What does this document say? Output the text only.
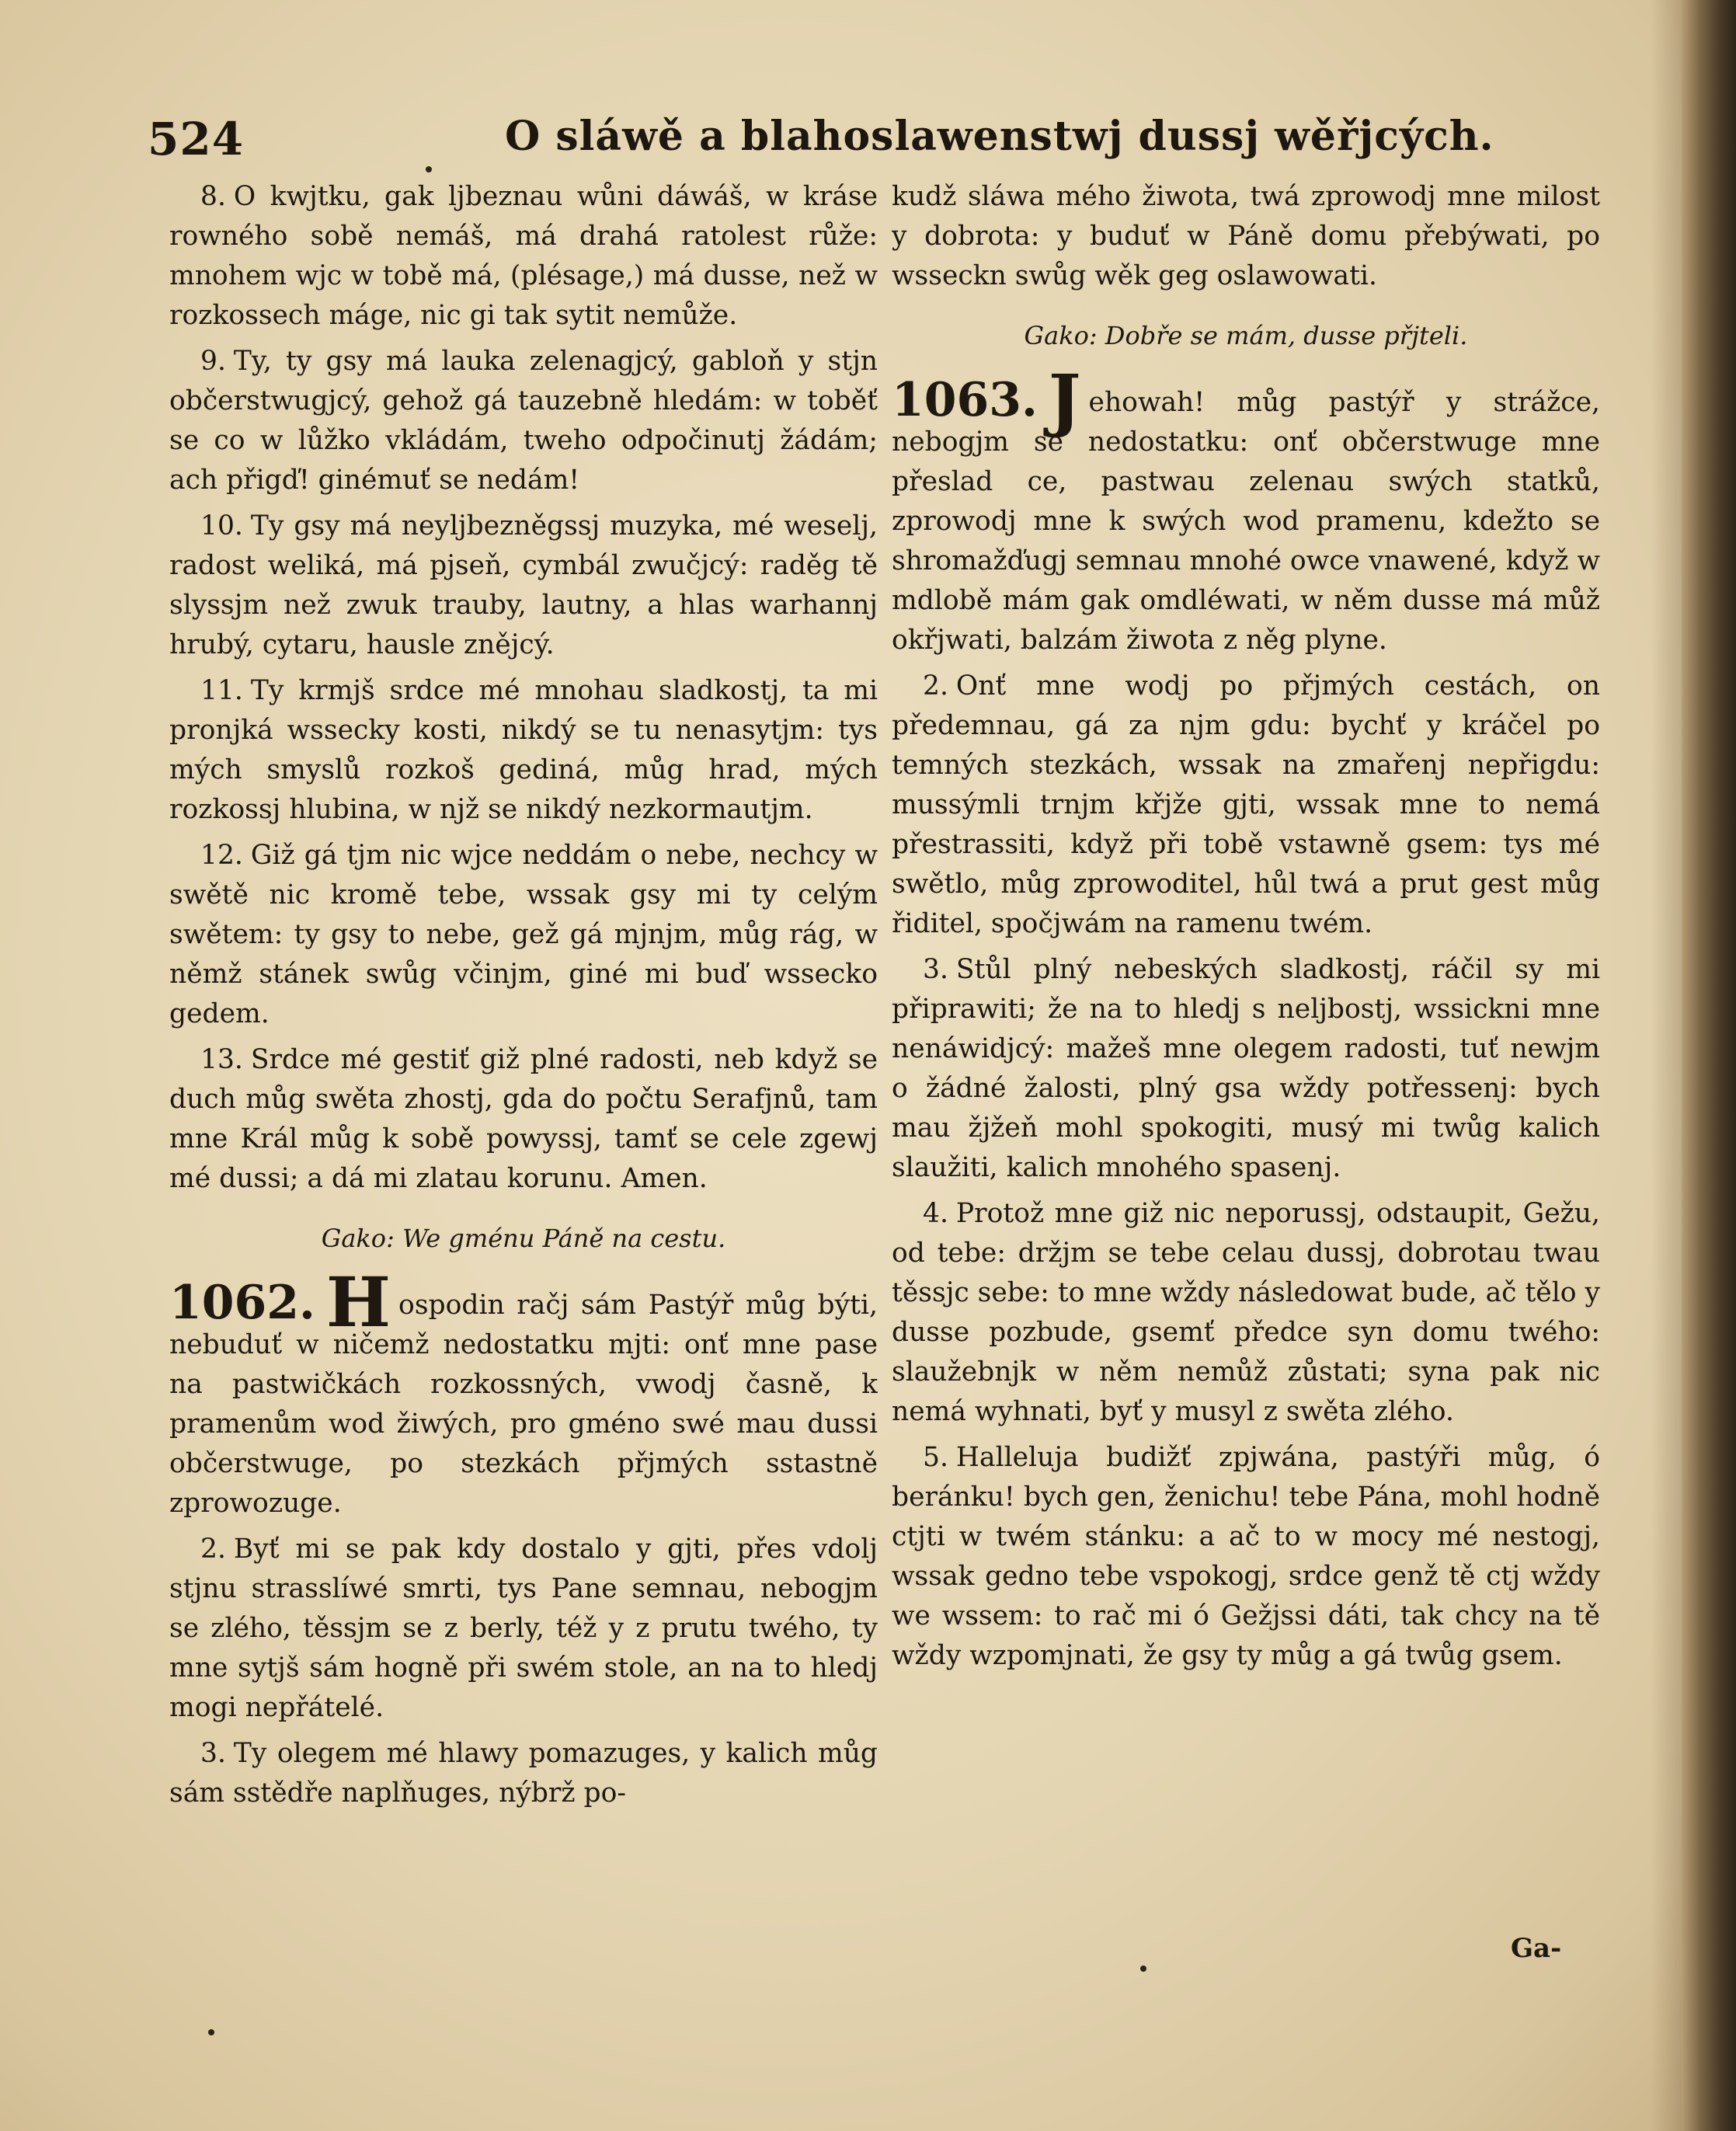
524	O sláwě a blahoslawenstwj dussj wěřjcých.

8. O kwjtku, gak ljbeznau wůni dáwáš, w kráse rowného sobě nemáš, má drahá ratolest růže: mnohem wjc w tobě má, (plésage,) má dusse, než w rozkossech máge, nic gi tak sytit nemůže.

9. Ty, ty gsy má lauka zelenagjcý, gabloň y stjn občerstwugjcý, gehož gá tauzebně hledám: w toběť se co w lůžko vkládám, tweho odpočinutj žádám; ach přigď! ginémuť se nedám!

10. Ty gsy má neyljbezněgssj muzyka, mé weselj, radost weliká, má pjseň, cymbál zwučjcý: raděg tě slyssjm než zwuk trauby, lautny, a hlas warhannj hrubý, cytaru, hausle znějcý.

11. Ty krmjš srdce mé mnohau sladkostj, ta mi pronjká wssecky kosti, nikdý se tu nenasytjm: tys mých smyslů rozkoš gediná, můg hrad, mých rozkossj hlubina, w njž se nikdý nezkormautjm.

12. Giž gá tjm nic wjce neddám o nebe, nechcy w swětě nic kromě tebe, wssak gsy mi ty celým swětem: ty gsy to nebe, gež gá mjnjm, můg rág, w němž stánek swůg včinjm, giné mi buď wssecko gedem.

13. Srdce mé gestiť giž plné radosti, neb když se duch můg swěta zhostj, gda do počtu Serafjnů, tam mne Král můg k sobě powyssj, tamť se cele zgewj mé dussi; a dá mi zlatau korunu. Amen.

Gako: We gménu Páně na cestu.

1062. H ospodin račj sám Pastýř můg býti, nebuduť w ničemž nedostatku mjti: onť mne pase na pastwičkách rozkossných, vwodj časně, k pramenům wod žiwých, pro gméno swé mau dussi občerstwuge, po stezkách přjmých sstastně zprowozuge.

2. Byť mi se pak kdy dostalo y gjti, přes vdolj stjnu strasslíwé smrti, tys Pane semnau, nebogjm se zlého, těssjm se z berly, též y z prutu twého, ty mne sytjš sám hogně při swém stole, an na to hledj mogi nepřátelé.

3. Ty olegem mé hlawy pomazuges, y kalich můg sám sstědře naplňuges, nýbrž po-

kudž sláwa mého žiwota, twá zprowodj mne milost y dobrota: y buduť w Páně domu přebýwati, po wsseckn swůg wěk geg oslawowati.

Gako: Dobře se mám, dusse přjteli.

1063. J ehowah! můg pastýř y strážce, nebogjm se nedostatku: onť občerstwuge mne přeslad ce, pastwau zelenau swých statků, zprowodj mne k swých wod pramenu, kdežto se shromažďugj semnau mnohé owce vnawené, když w mdlobě mám gak omdléwati, w něm dusse má můž okřjwati, balzám žiwota z něg plyne.

2. Onť mne wodj po přjmých cestách, on předemnau, gá za njm gdu: bychť y kráčel po temných stezkách, wssak na zmařenj nepřigdu: mussýmli trnjm křjže gjti, wssak mne to nemá přestrassiti, když při tobě vstawně gsem: tys mé swětlo, můg zprowoditel, hůl twá a prut gest můg řiditel, spočjwám na ramenu twém.

3. Stůl plný nebeských sladkostj, ráčil sy mi připrawiti; že na to hledj s neljbostj, wssickni mne nenáwidjcý: mažeš mne olegem radosti, tuť newjm o žádné žalosti, plný gsa wždy potřessenj: bych mau žjžeň mohl spokogiti, musý mi twůg kalich slaužiti, kalich mnohého spasenj.

4. Protož mne giž nic neporussj, odstaupit, Gežu, od tebe: držjm se tebe celau dussj, dobrotau twau těssjc sebe: to mne wždy následowat bude, ač tělo y dusse pozbude, gsemť předce syn domu twého: slaužebnjk w něm nemůž zůstati; syna pak nic nemá wyhnati, byť y musyl z swěta zlého.

5. Halleluja budižť zpjwána, pastýři můg, ó beránku! bych gen, ženichu! tebe Pána, mohl hodně ctjti w twém stánku: a ač to w mocy mé nestogj, wssak gedno tebe vspokogj, srdce genž tě ctj wždy we wssem: to rač mi ó Gežjssi dáti, tak chcy na tě wždy wzpomjnati, že gsy ty můg a gá twůg gsem.

Ga-
